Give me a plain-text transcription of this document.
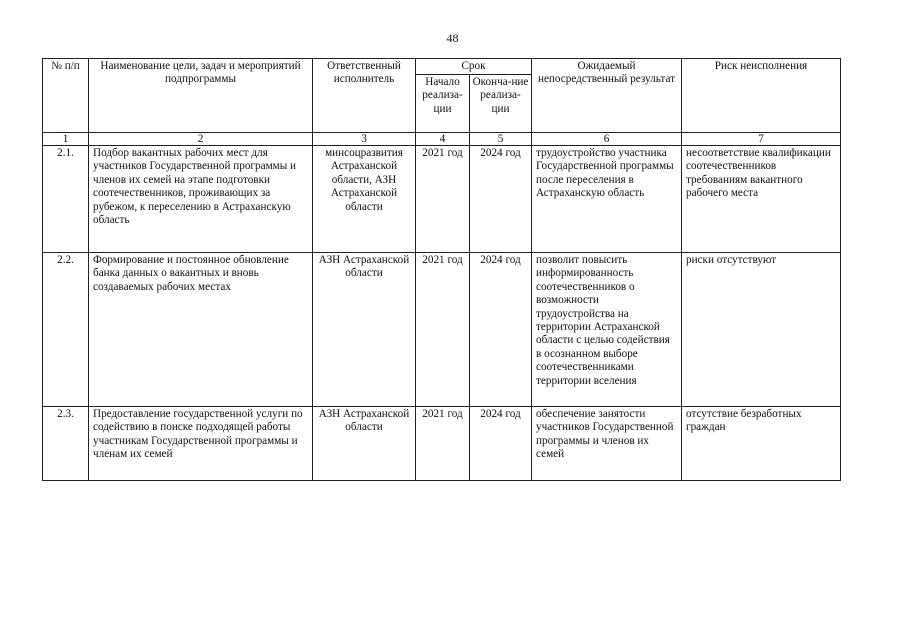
48
№ п/п	Наименование цели, задач и мероприятий подпрограммы	Ответственный исполнитель	Срок		Ожидаемый непосредственный результат	Риск неисполнения
			Начало реализа-ции	Оконча-ние реализа-ции		
1	2	3	4	5	6	7
2.1.	Подбор вакантных рабочих мест для участников Государственной программы и членов их семей на этапе подготовки соотечественников, проживающих за рубежом, к переселению в Астраханскую область	минсоцразвития Астраханской области, АЗН Астраханской области	2021 год	2024 год	трудоустройство участника Государственной программы после переселения в Астраханскую область	несоответствие квалификации соотечественников требованиям вакантного рабочего места
2.2.	Формирование и постоянное обновление банка данных о вакантных и вновь создаваемых рабочих местах	АЗН Астраханской области	2021 год	2024 год	позволит повысить информированность соотечественников о возможности трудоустройства на территории Астраханской области с целью содействия в осознанном выборе соотечественниками территории вселения	риски отсутствуют
2.3.	Предоставление государственной услуги по содействию в поиске подходящей работы участникам Государственной программы и членам их семей	АЗН Астраханской области	2021 год	2024 год	обеспечение занятости участников Государственной программы и членов их семей	отсутствие безработных граждан
